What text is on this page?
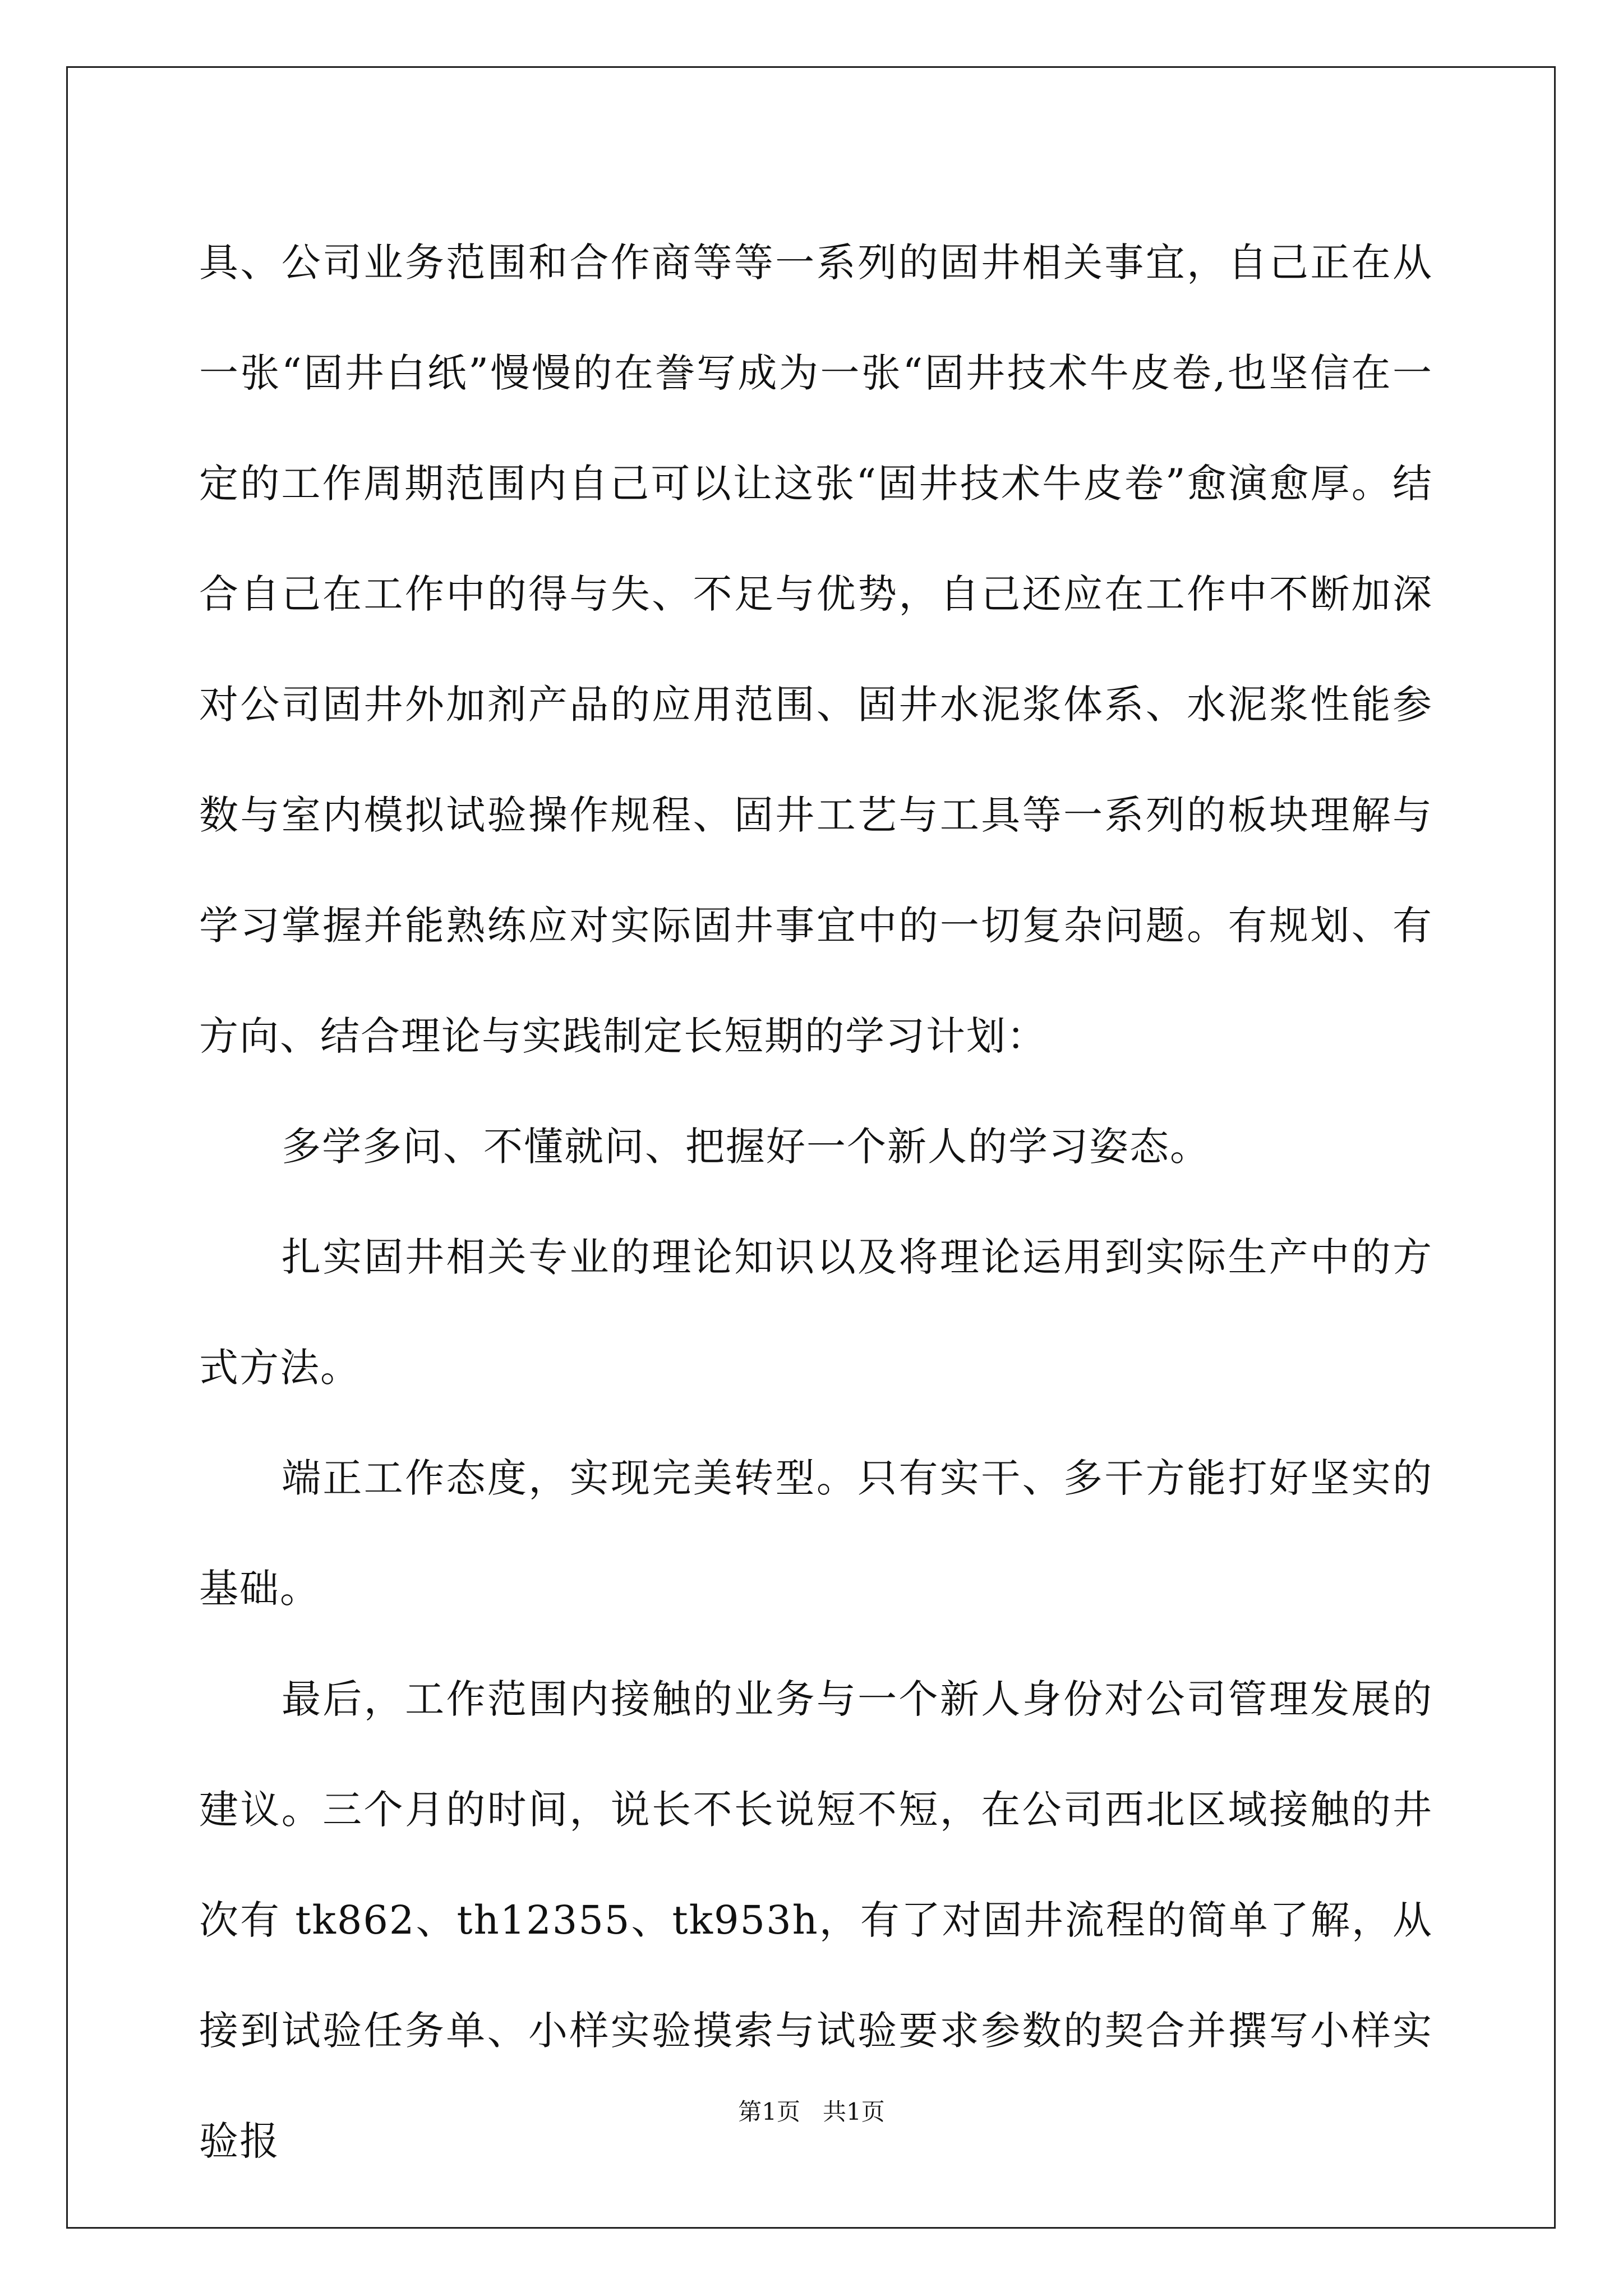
具、公司业务范围和合作商等等一系列的固井相关事宜，自己正在从一张“固井白纸”慢慢的在誊写成为一张“固井技术牛皮卷,也坚信在一定的工作周期范围内自己可以让这张“固井技术牛皮卷”愈演愈厚。结合自己在工作中的得与失、不足与优势，自己还应在工作中不断加深对公司固井外加剂产品的应用范围、固井水泥浆体系、水泥浆性能参数与室内模拟试验操作规程、固井工艺与工具等一系列的板块理解与学习掌握并能熟练应对实际固井事宜中的一切复杂问题。有规划、有方向、结合理论与实践制定长短期的学习计划：

多学多问、不懂就问、把握好一个新人的学习姿态。

扎实固井相关专业的理论知识以及将理论运用到实际生产中的方式方法。

端正工作态度，实现完美转型。只有实干、多干方能打好坚实的基础。

最后，工作范围内接触的业务与一个新人身份对公司管理发展的建议。三个月的时间，说长不长说短不短，在公司西北区域接触的井次有 tk862、th12355、tk953h，有了对固井流程的简单了解，从接到试验任务单、小样实验摸索与试验要求参数的契合并撰写小样实验报

第1页 共1页
